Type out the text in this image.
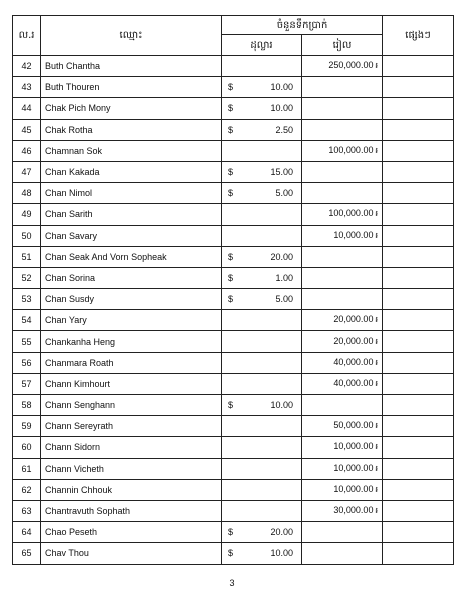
ល.រ	ឈ្មោះ	ចំនួនទឹកប្រាក់		ផ្សេងៗ
		ដុល្លារ	រៀល	
42	Buth Chantha		250,000.00 ៛	
43	Buth Thouren	$ 10.00		

44	Chak Pich Mony	$ 10.00		

45	Chak Rotha	$ 2.50		

46	Chamnan Sok		100,000.00 ៛	
47	Chan Kakada	$ 15.00		

48	Chan Nimol	$ 5.00		

49	Chan Sarith		100,000.00 ៛	
50	Chan Savary		10,000.00 ៛	
51	Chan Seak And Vorn Sopheak	$ 20.00		

52	Chan Sorina	$ 1.00		

53	Chan Susdy	$ 5.00		

54	Chan Yary		20,000.00 ៛	
55	Chankanha Heng		20,000.00 ៛	
56	Chanmara Roath		40,000.00 ៛	
57	Chann Kimhourt		40,000.00 ៛	
58	Chann Senghann	$ 10.00		

59	Chann Sereyrath		50,000.00 ៛	
60	Chann Sidorn		10,000.00 ៛	
61	Chann Vicheth		10,000.00 ៛	
62	Channin Chhouk		10,000.00 ៛	
63	Chantravuth Sophath		30,000.00 ៛	
64	Chao Peseth	$ 20.00		

65	Chav Thou	$ 10.00		

3
